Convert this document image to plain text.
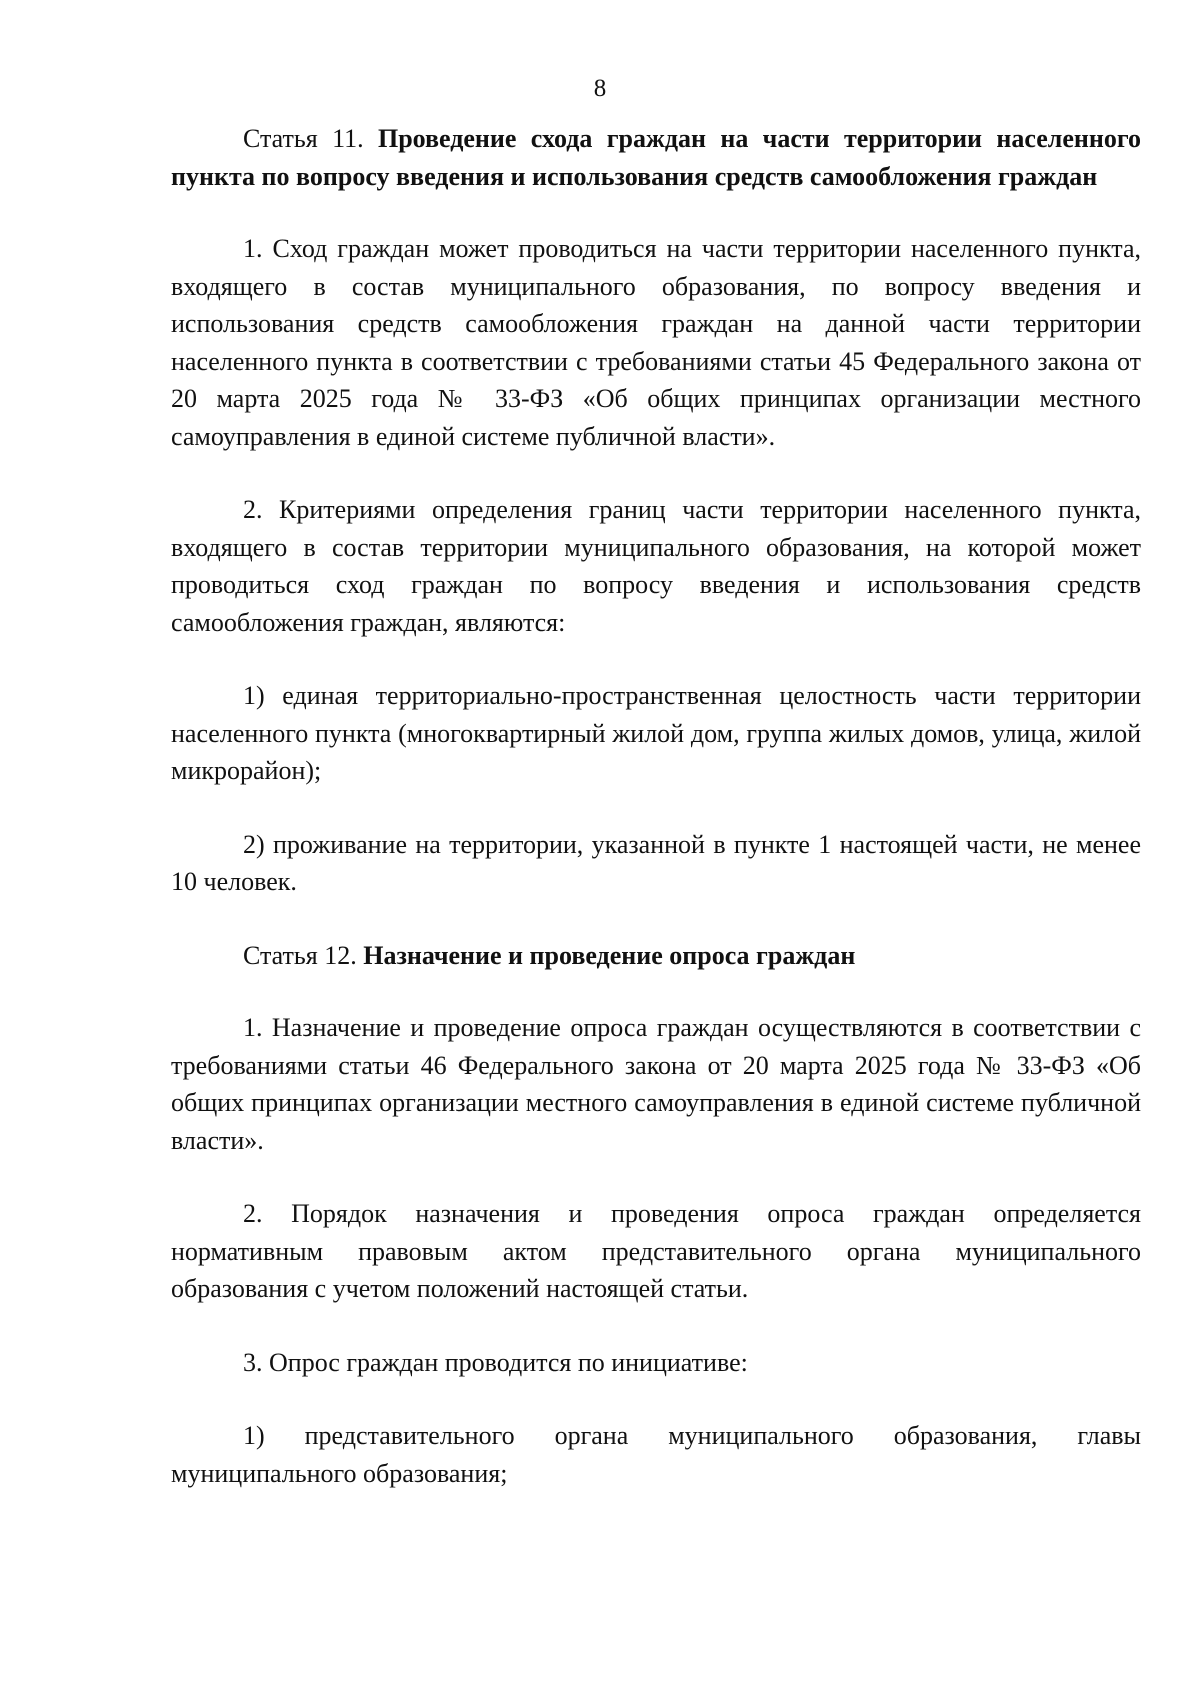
8

Статья 11. Проведение схода граждан на части территории населенного пункта по вопросу введения и использования средств самообложения граждан

1. Сход граждан может проводиться на части территории населенного пункта, входящего в состав муниципального образования, по вопросу введения и использования средств самообложения граждан на данной части территории населенного пункта в соответствии с требованиями статьи 45 Федерального закона от 20 марта 2025 года № 33-ФЗ «Об общих принципах организации местного самоуправления в единой системе публичной власти».

2. Критериями определения границ части территории населенного пункта, входящего в состав территории муниципального образования, на которой может проводиться сход граждан по вопросу введения и использования средств самообложения граждан, являются:

1) единая территориально-пространственная целостность части территории населенного пункта (многоквартирный жилой дом, группа жилых домов, улица, жилой микрорайон);

2) проживание на территории, указанной в пункте 1 настоящей части, не менее 10 человек.

Статья 12. Назначение и проведение опроса граждан

1. Назначение и проведение опроса граждан осуществляются в соответствии с требованиями статьи 46 Федерального закона от 20 марта 2025 года № 33-ФЗ «Об общих принципах организации местного самоуправления в единой системе публичной власти».

2. Порядок назначения и проведения опроса граждан определяется нормативным правовым актом представительного органа муниципального образования с учетом положений настоящей статьи.

3. Опрос граждан проводится по инициативе:

1) представительного органа муниципального образования, главы муниципального образования;
